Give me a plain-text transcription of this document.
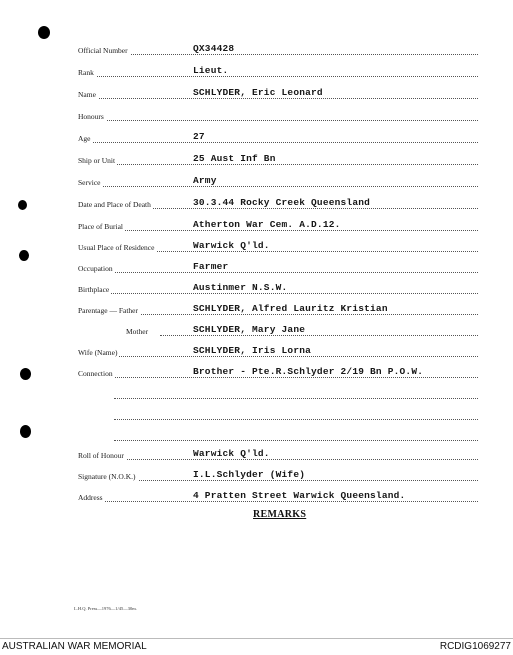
Official Number	QX34428
Rank	Lieut.
Name	SCHLYDER, Eric Leonard
Honours
Age	27
Ship or Unit	25 Aust Inf Bn
Service	Army
Date and Place of Death	30.3.44 Rocky Creek Queensland
Place of Burial	Atherton War Cem. A.D.12.
Usual Place of Residence	Warwick Q'ld.
Occupation	Farmer
Birthplace	Austinmer N.S.W.
Parentage — Father	SCHLYDER, Alfred Lauritz Kristian
Mother	SCHLYDER, Mary Jane
Wife (Name)	SCHLYDER, Iris Lorna
Connection	Brother - Pte.R.Schlyder 2/19 Bn P.O.W.
Roll of Honour	Warwick Q'ld.
Signature (N.O.K.)	I.L.Schlyder (Wife)
Address	4 Pratten Street Warwick Queensland.
REMARKS
L.H.Q. Press—1976—1/45—30m.
AUSTRALIAN WAR MEMORIAL	RCDIG1069277
